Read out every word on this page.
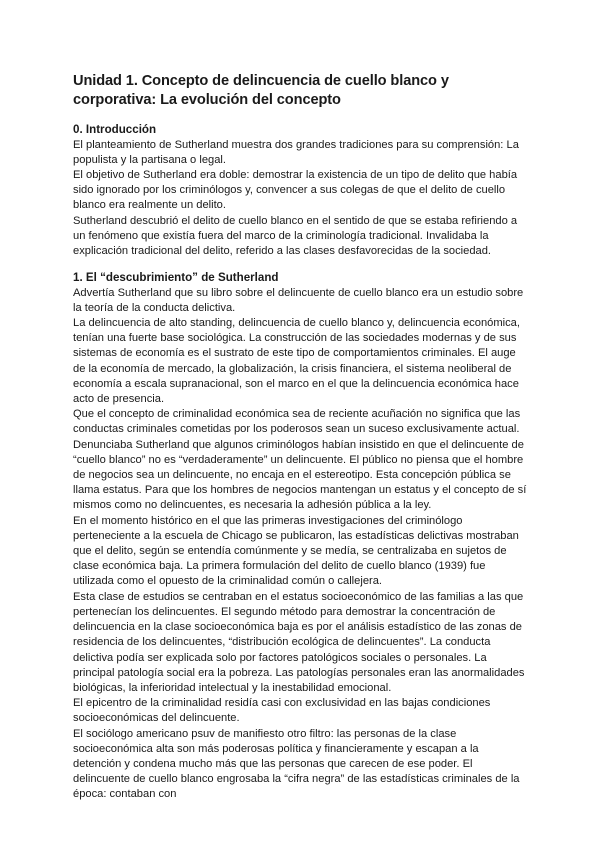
Unidad 1. Concepto de delincuencia de cuello blanco y corporativa: La evolución del concepto
0. Introducción

El planteamiento de Sutherland muestra dos grandes tradiciones para su comprensión: La populista y la partisana o legal.

El objetivo de Sutherland era doble: demostrar la existencia de un tipo de delito que había sido ignorado por los criminólogos y, convencer a sus colegas de que el delito de cuello blanco era realmente un delito.

Sutherland descubrió el delito de cuello blanco en el sentido de que se estaba refiriendo a un fenómeno que existía fuera del marco de la criminología tradicional. Invalidaba la explicación tradicional del delito, referido a las clases desfavorecidas de la sociedad.

1. El “descubrimiento” de Sutherland

Advertía Sutherland que su libro sobre el delincuente de cuello blanco era un estudio sobre la teoría de la conducta delictiva.

La delincuencia de alto standing, delincuencia de cuello blanco y, delincuencia económica, tenían una fuerte base sociológica. La construcción de las sociedades modernas y de sus sistemas de economía es el sustrato de este tipo de comportamientos criminales. El auge de la economía de mercado, la globalización, la crisis financiera, el sistema neoliberal de economía a escala supranacional, son el marco en el que la delincuencia económica hace acto de presencia.

Que el concepto de criminalidad económica sea de reciente acuñación no significa que las conductas criminales cometidas por los poderosos sean un suceso exclusivamente actual.

Denunciaba Sutherland que algunos criminólogos habían insistido en que el delincuente de “cuello blanco” no es “verdaderamente” un delincuente. El público no piensa que el hombre de negocios sea un delincuente, no encaja en el estereotipo. Esta concepción pública se llama estatus. Para que los hombres de negocios mantengan un estatus y el concepto de sí mismos como no delincuentes, es necesaria la adhesión pública a la ley.

En el momento histórico en el que las primeras investigaciones del criminólogo perteneciente a la escuela de Chicago se publicaron, las estadísticas delictivas mostraban que el delito, según se entendía comúnmente y se medía, se centralizaba en sujetos de clase económica baja. La primera formulación del delito de cuello blanco (1939) fue utilizada como el opuesto de la criminalidad común o callejera.

Esta clase de estudios se centraban en el estatus socioeconómico de las familias a las que pertenecían los delincuentes. El segundo método para demostrar la concentración de delincuencia en la clase socioeconómica baja es por el análisis estadístico de las zonas de residencia de los delincuentes, “distribución ecológica de delincuentes”. La conducta delictiva podía ser explicada solo por factores patológicos sociales o personales. La principal patología social era la pobreza. Las patologías personales eran las anormalidades biológicas, la inferioridad intelectual y la inestabilidad emocional.

El epicentro de la criminalidad residía casi con exclusividad en las bajas condiciones socioeconómicas del delincuente.

El sociólogo americano psuv de manifiesto otro filtro: las personas de la clase socioeconómica alta son más poderosas política y financieramente y escapan a la detención y condena mucho más que las personas que carecen de ese poder. El delincuente de cuello blanco engrosaba la “cifra negra” de las estadísticas criminales de la época: contaban con
